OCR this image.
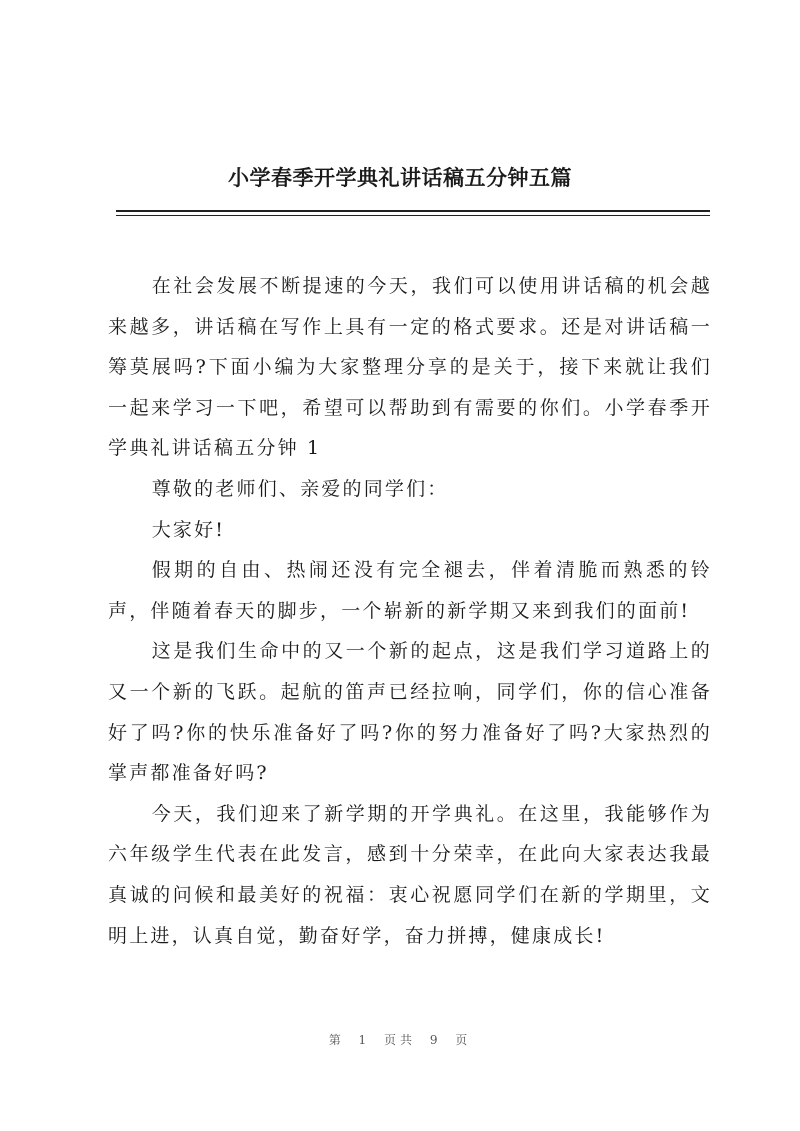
小学春季开学典礼讲话稿五分钟五篇

在社会发展不断提速的今天，我们可以使用讲话稿的机会越来越多，讲话稿在写作上具有一定的格式要求。还是对讲话稿一筹莫展吗?下面小编为大家整理分享的是关于，接下来就让我们一起来学习一下吧，希望可以帮助到有需要的你们。小学春季开学典礼讲话稿五分钟 1

尊敬的老师们、亲爱的同学们：

大家好!

假期的自由、热闹还没有完全褪去，伴着清脆而熟悉的铃声，伴随着春天的脚步，一个崭新的新学期又来到我们的面前!

这是我们生命中的又一个新的起点，这是我们学习道路上的又一个新的飞跃。起航的笛声已经拉响，同学们，你的信心准备好了吗?你的快乐准备好了吗?你的努力准备好了吗?大家热烈的掌声都准备好吗?

今天，我们迎来了新学期的开学典礼。在这里，我能够作为六年级学生代表在此发言，感到十分荣幸，在此向大家表达我最真诚的问候和最美好的祝福：衷心祝愿同学们在新的学期里，文明上进，认真自觉，勤奋好学，奋力拼搏，健康成长!

第 1 页共 9 页
